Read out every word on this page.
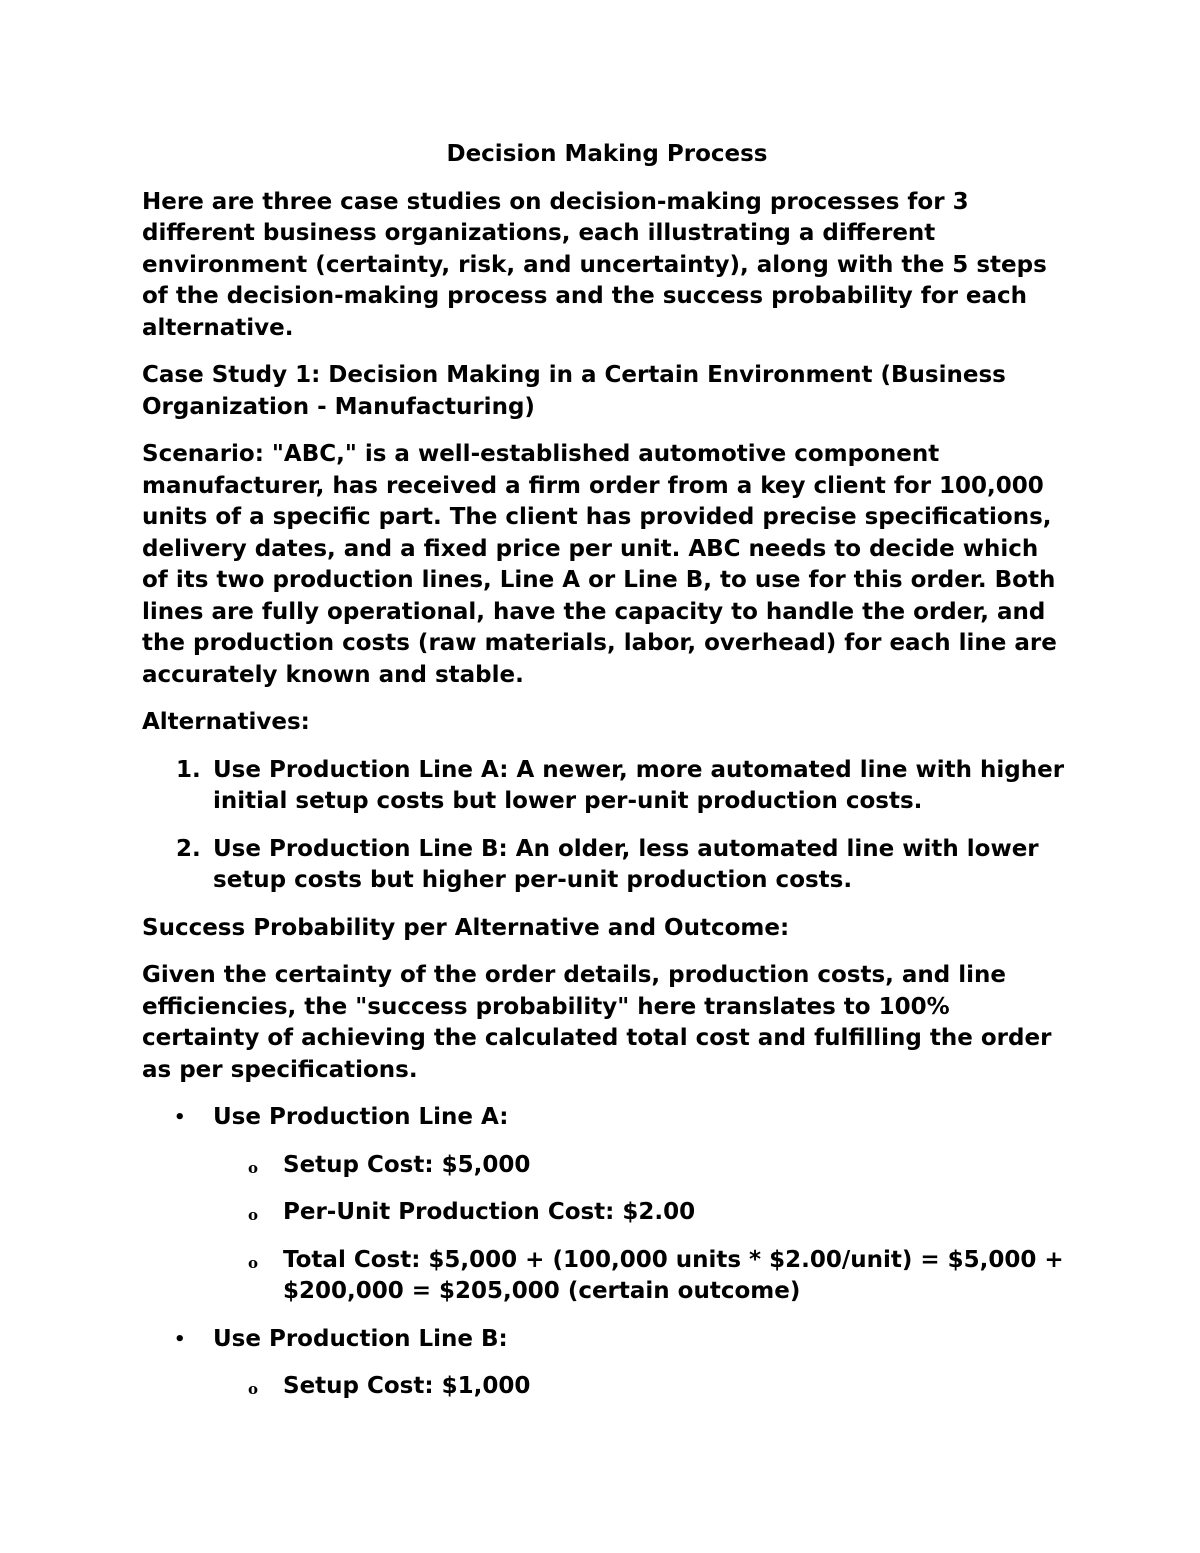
Decision Making Process

Here are three case studies on decision-making processes for 3 different business organizations, each illustrating a different environment (certainty, risk, and uncertainty), along with the 5 steps of the decision-making process and the success probability for each alternative.

Case Study 1: Decision Making in a Certain Environment (Business Organization - Manufacturing)

Scenario: "ABC," is a well-established automotive component manufacturer, has received a firm order from a key client for 100,000 units of a specific part. The client has provided precise specifications, delivery dates, and a fixed price per unit. ABC needs to decide which of its two production lines, Line A or Line B, to use for this order. Both lines are fully operational, have the capacity to handle the order, and the production costs (raw materials, labor, overhead) for each line are accurately known and stable.

Alternatives:

1. Use Production Line A: A newer, more automated line with higher initial setup costs but lower per-unit production costs.
2. Use Production Line B: An older, less automated line with lower setup costs but higher per-unit production costs.

Success Probability per Alternative and Outcome:

Given the certainty of the order details, production costs, and line efficiencies, the "success probability" here translates to 100% certainty of achieving the calculated total cost and fulfilling the order as per specifications.

• Use Production Line A:
o Setup Cost: $5,000
o Per-Unit Production Cost: $2.00
o Total Cost: $5,000 + (100,000 units * $2.00/unit) = $5,000 + $200,000 = $205,000 (certain outcome)
• Use Production Line B:
o Setup Cost: $1,000
